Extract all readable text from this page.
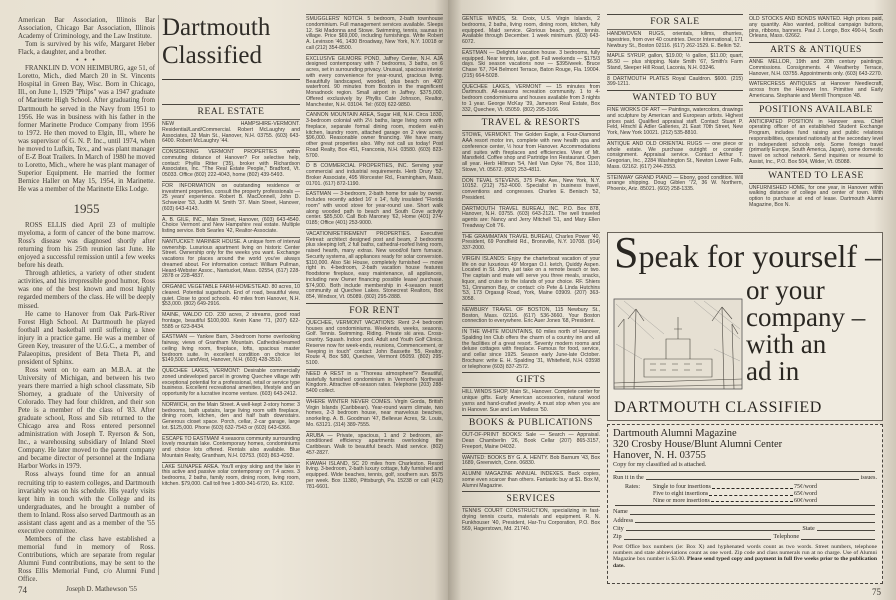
American Bar Association, Illinois Bar Association, Chicago Bar Association, Illinois Academy of Criminology, and the Law Institute.

Tom is survived by his wife, Margaret Heber Flack, a daughter, and a brother.

• • •

FRANKLIN D. VON HEIMBURG, age 51, of Loretto, Mich., died March 20 in St. Vincents Hospital in Green Bay, Wisc. Born in Chicago, Ill., on June 1, 1929 "Phips" was a 1947 graduate of Marinette High School. After graduating from Dartmouth he served in the Navy from 1951 to 1956. He was in business with his father in the former Marinette Produce Company from 1956 to 1972. He then moved to Elgin, Ill., where he was supervisor of G. N. P. Inc., until 1974, when he moved to Lufkin, Tex., and was plant manager of E-Z Boat Trailers. In March of 1980 he moved to Loretto, Mich., where he was plant manager of Superior Equipment. He married the former Bernice Haller on May 15, 1954, in Marinette. He was a member of the Marinette Elks Lodge.

1955

ROSS ELLIS died April 23 of multiple myeloma, a form of cancer of the bone marrow. Ross's disease was diagnosed shortly after returning from his 25th reunion last June. He enjoyed a successful remission until a few weeks before his death.

Through athletics, a variety of other student activities, and his irrepressible good humor, Ross was one of the best known and most highly regarded members of the class. He will be deeply missed.

He came to Hanover from Oak Park-River Forest High School. At Dartmouth he played football and basketball until suffering a knee injury in a practice game. He was a member of Green Key, treasurer of the U.G.C., a member of Palaeopitus, president of Beta Theta Pi, and president of Sphinx.

Ross went on to earn an M.B.A. at the University of Michigan, and between his two years there married a high school classmate, Sib Shorney, a graduate of the University of Colorado. They had four children, and their son Pete is a member of the class of '83. After graduate school, Ross and Sib returned to the Chicago area and Ross entered personnel administration with Joseph T. Ryerson & Son, Inc., a warehousing subsidiary of Inland Steel Company. He later moved to the parent company and became director of personnel at the Indiana Harbor Works in 1979.

Ross always found time for an annual recruiting trip to eastern colleges, and Dartmouth invariably was on his schedule. His yearly visits kept him in touch with the College and its undergraduates, and he brought a number of them to Inland. Ross also served Dartmouth as an assistant class agent and as a member of the '55 executive committee.

Members of the class have established a memorial fund in memory of Ross. Contributions, which are separate from regular Alumni Fund contributions, may be sent to the Ross Ellis Memorial Fund, c/o Alumni Fund Office.

Joseph D. Mathewson '55

Dartmouth
Classified
REAL ESTATE
NEW HAMPSHIRE-VERMONT. Residential/Land/Commercial. Robert McLaughry and Associates, 32 Main St., Hanover, N.H. 03755. (603) 643-6400. Robert McLaughry '44.
CONSIDERING VERMONT PROPERTIES within commuting distance of Hanover? For selective help, contact: Phyllis Ritter ('35), broker with Richardson Associates, Inc. "The Real Estate People," Bradford, Vt. 05033. Office (802) 222-4043, home (802) 439-5493.
FOR INFORMATION on outstanding residence or investment properties, consult the property professionals — 25 years' experience. Robert B. MacDonnell, John D. Schweizer '53, Judith M. Smith '37. Main Street, Hanover, (603) 643-4143.
A. B. GILE, INC., Main Street, Hanover, (603) 643-4540. Choice Vermont and New Hampshire real estate. Multiple listing service. Bob Searles '42, Realtor-Associate.
NANTUCKET: MARINER HOUSE. A unique form of interval ownership. Luxurious apartment living on historic Center Street. Ownership only for the weeks you want. Exchange vacations for places around the world you've always dreamed about. For information contact: William Pullman, Heard-Webster Assoc., Nantucket, Mass. 02554, (617) 228-2878 or 228-4837.
ORGANIC VEGETABLE FARM-HOMESTEAD. 80 acres, 10 cleared. Potential sugarbush. End of road, beautiful view, quiet. Close to good schools. 40 miles from Hanover, N.H. $53,000. (802) 649-2916.
MAINE, WALDO CO. 230 acres, 2 streams, good road frontage, beautiful $100,000. Kevin Kane '71, (207) 622-5585 or 623-8434.
EASTMAN — Yankee Barn, 3-bedroom home overlooking fairway, views of Grantham Mountain. Cathedral-beamed ceiling living room, fireplace, lofts, spacious master bedroom suite. In excellent condition on choice lot $149,500. LandVest, Hanover, N.H. (603) 428-3510.
QUECHEE LAKES, VERMONT: Desirable commercially zoned undeveloped parcel in growing Quechee village with exceptional potential for a professional, retail or service type business. Excellent recreational amenities, lifestyle and an opportunity for a lucrative income venture. (603) 643-2412.
NORWICH, on the Main Street. A well-kept 2-story home: 3 bedrooms, bath upstairs, large living room with fireplace, dining room, kitchen, den and half bath downstairs. Generous closet space. Porch, cellar, 2-car garage, large lot. $125,000. Phone (603) 632-7543 or (603) 643-6366.
ESCAPE TO EASTMAN! 4 seasons community surrounding lovely mountain lake. Contemporary homes, condominiums and choice lots offered. Rentals also available. Blue Mountain Realty, Grantham, N.H. 03753. (603) 863-4292.
LAKE SUNAPEE AREA. You'll enjoy skiing and the lake in this active and passive solar contemporary on 7.4 acres. 3 bedrooms, 2 baths, family room, dining room, living room, kitchen. $79,000. Call toll free 1-800-341-6720, Ex. K102.
SMUGGLERS' NOTCH. 5 bedroom, 2-bath townhouse condominium. Full management services available. Sleeps 12. Ski Madonna and Stowe. Swimming, tennis, saunas in village. Price $69,000, including furnishings. Write Robert A. Levinson '46, 1430 Broadway, New York, N.Y. 10018 or call (212) 354-8500.
EXCLUSIVE GILMORE POND, Jaffrey Center, N.H. AJA designed contemporary with 7 bedrooms, 3 baths, on 6 acres, set in surrounding privacy. Unusual, spacious interior with every convenience for year-round, gracious living. Beautifully landscaped, wooded, plus beach on 400' waterfront. 90 minutes from Boston in the magnificent Monadnock region. Small airport in Jaffrey. $375,000. Offered exclusively by Phyllis Cate Johnson, Realtor, Manchester, N.H. 03104. Tel: (603) 622-9850.
CANNON MOUNTAIN AREA, Sugar Hill, N.H. Circa 1830, 3-bedroom colonial with 2½ baths, large living room with fireplace, separate formal dining room, modern eat-in kitchen, laundry room, attached garage on 2 view acres. $96,000. Reasonable owner financing. We have many other great properties also. Why not call us today! Post Road Realty, Box 451, Franconia, N.H. 03580. (603) 823-5700.
D B COMMERCIAL PROPERTIES, INC. Serving your commercial and industrial requirements. Herb Drury '52, Broker Associate, 495 Worcester Rd., Framingham, Mass. 01701. (617) 872-1190.
EASTMAN — 3-bedroom, 2-bath home for sale by owner. Includes recently added 16' x 14', fully insulated "Florida room" with wood stove for year-round use. Short walk along wooded path to beach and South Cove activity center. $85,500. Call Bob Maroney '62, Home (401) 274-0185; Office (401) 253-9000.
VACATION/RETIREMENT PROPERTIES. Executive Retreat: architect designed post and beam, 2 bedrooms plus sleeping loft, 2 full baths, cathedral-roofed living room, raised hearth, many extras. New wood/oil farm furnace. Security systems, all appliances ready for solar conversion. $110,000. Also Ski House, completely furnished — move right in. 4-bedroom, 2-bath vacation house features floodstone fireplace, easy maintenance, all appliances, including new Owner financing possible lease/ purchase. $74,900. Both include membership in 4-season resort community at Quechee Lakes. Stonecrest Realtors, Box 854, Windsor, Vt. 05089. (802) 295-2888.
FOR RENT
QUECHEE, VERMONT VACATIONS: Rent 2-4 bedroom houses and condominiums. Weekends, weeks, seasons. Golf. Tennis. Swimming. Riding. Private ski area. Cross-country. Squash. Indoor pool. Adult and Youth Golf Clinics. Reserve now for week-ends, reunions, Commencement, or "keeping in touch" contact: John Bassette '55, Realtor, Route 4, Box 580, Quechee, Vermont 05059. (802) 295-5100.
NEED A REST in a "Thoreau atmosphere"? Beautiful, tastefully furnished condominium in Vermont's Northeast Kingdom. Attractive off-season rates. Telephone (203) 288-5400 collect.
WHERE WINTER NEVER COMES. Virgin Gorda, British Virgin Islands (Caribbean). Year-round warm climate, two homes, 2-3 bedroom house, near marvelous beaches, snorkeling. A. B. Goodman '47, Bellevue Acres, St. Louis, Mo. 63121. (314) 389-7555.
ARUBA — Private, spacious, 1 and 2 bedroom, air-conditioned efficiency apartments overlooking the Caribbean. Walk to beautiful beach. Maid service. (802) 457-2827.
KIAWAH ISLAND, SC 20 miles from Charleston. Resort living. 3-bedroom, 2-bath luxury cottage, fully furnished and equipped. Wide beaches, tennis, golf, southern sun. $575 per week. Box 11380, Pittsburgh, Pa. 15238 or call (412) 781-6601.
74
GENTLE WINDS, St. Croix, U.S. Virgin Islands, 2 bedrooms, 2 baths, living room, dining room, kitchen, fully equipped. Maid service. Glorious beach, pool, tennis. Available through December. 1 week minimum. (603) 643-6072.
EASTMAN — Delightful vacation house. 3 bedrooms, fully equipped. Near tennis, lake, golf. Fall weekends — $175/3 days. Ski season vacations now — $395/week. Bruce Chase '67, 704 Belmont Terrace, Baton Rouge, Fla. 19004. (215) 664-5028.
QUECHEE LAKES, VERMONT — 15 minutes from Dartmouth. All-seasons recreation community. 1 to 4-bedroom condominiums and houses available from 3 nights to 1 year. George McKay '39, Jameson Real Estate, Box 332, Quechee, Vt. 05059. (802) 295-3166.
TRAVEL & RESORTS
STOWE, VERMONT. The Golden Eagle, a Four-Diamond AAA resort motor inn, complete with new health spa and conference center, ½ hour from Hanover. Accommodations and suites with fireplaces and efficiencies. View of Mt. Mansfield. Coffee shop and Partridge Inn Restaurant. Open all year. Herb Hillman '54, Neil Van Dyke '76, Box 1110, Stowe, Vt. 05672. (802) 253-4811.
DON TEVAL STEVENS, 375 Park Ave., New York, N.Y. 10152. (212) 752-4000. Specialist in business travel, conventions and congresses. Charles E. Benisch '52, President.
DARTMOUTH TRAVEL BUREAU, INC. P.O. Box 878, Hanover, N.H. 03755. (603) 643-2121. The well traveled agents are: Nancy and Jerry Mitchell '51, and Mary Ellen Treadway Colt '76.
THE GRAMMATAN TRAVEL BUREAU, Charles Power '40, President, 69 Pondfield Rd., Bronxville, N.Y. 10708. (914) 337-2000.
VIRGIN ISLANDS: Enjoy the charterboat vacation of your life on our luxurious 49' Morgan O.I. ketch, Quiddy Aspen. Located in St. John, just take on a remote beach or two. The captain and mate will serve you three meals, snacks, liquor, and cruise to the islands of your choice. RF. Shiers '51, Cinnamon Bay, or contact: c/o Pete & Linda Hutchins '53, 173 Orgasuji Road, York, Maine 03909. (207) 363-3058.
NEWBURY TRAVEL OF BOSTON, 115 Newbury St., Boston, Mass. 02116. (617) 536-3660. Your Boston connection to everywhere. Eric Auer Jones '68, President.
IN THE WHITE MOUNTAINS, 60 miles north of Hanover, Spalding Inn Club offers the charm of a country inn and all the facilities of a great resort. Seventy modern rooms and deluxe cottages with fireplace. Famous for food, service, and cellar since 1925. Season early June-late October. Brochure: write E. H. Spalding '31, Whitefield, N.H. 03598 or telephone (603) 837-2572.
GIFTS
HILL WINDS SHOP, Main St., Hanover. Complete center for unique gifts. Early American accessories, natural wood yarns and hand-crafted jewelry. A must stop when you are in Hanover. Sue and Len Matless '50.
BOOKS & PUBLICATIONS
OUT-OF-PRINT BOOKS: Sale — Search — Appraisal. Dean Chamberlin '26, Book Cellar (207) 865-3157, Freeport, Maine 04032.
WANTED: BOOKS BY G. A. HENTY. Bob Barnum '43, Box 1689, Greenwich, Conn. 06830.
ALUMNI MAGAZINE ANNUAL INDEXES. Back copies, some even scarcer than others. Fantastic buy at $1. Box M, Alumni Magazine.
SERVICES
TENNIS COURT CONSTRUCTION, specializing in fast-drying tennis courts, materials and equipment. R. N. Funkhouser '40, President, Har-Tru Corporation, P.O. Box 569, Hagerstown, Md. 21740.
FOR SALE
HANDWOVEN RUGS, orientals, kilims, dhurries, tapestries, from over 40 countries. Decor International, 171 Newbury St., Boston 02116. (617) 262-1529. E. Belkin '52.
MAPLE SYRUP, gallon, $19.00; ½ gallon, $11.00; quart, $6.50 — plus shipping. Nate Smith '67, Smith's Farm Stand, Sleeper Hill Road, Laconia, N.H. 03246.
8 DARTMOUTH PLATES Royal Cauldron. $600. (215) 399-1211.
WANTED TO BUY
FINE WORKS OF ART — Paintings, watercolors, drawings and sculpture by American and European artists. Highest prices paid. Qualified appraisal staff. Contact Stuart P. Feld, Hirschl & Adler Galleries, 21 East 70th Street, New York, New York 10021. (212) 535-8810.
ANTIQUE AND OLD ORIENTAL RUGS — one piece or whole estate. We purchase outright or consider consignment. Appraisal service. Contact Arthur T. Gregorian, Inc., 2284 Washington St., Newton Lower Falls, Mass. 02162. (617) 244-2553.
STEINWAY GRAND PIANO — Ebony, good condition. Will arrange shipping. Doug Giblen '72, 36 W. Northern, Phoenix, Ariz. 85021. (602) 258-1335.
OLD STOCKS AND BONDS WANTED. High prices paid, any quantity. Also wanted, political campaign buttons, pins, ribbons, banners. Paul J. Longo, Box 490-H, South Orleans, Mass. 02662.
ARTS & ANTIQUES
ANNE MELLOR, 19th and 20th century paintings. Commissions. Consignments. 4 Weatherby Terrace, Hanover, N.H. 03755. Appointments only. (603) 643-2270.
WATERCRESS ANTIQUES at Hanover Needlecraft, across from the Hanover Inn. Primitive and Early Americana. Stephanie and Merrill Thompson '48.
POSITIONS AVAILABLE
ANTICIPATED POSITION in Hanover area. Chief operating officer of an established Student Exchange Program, includes fund raising and public relations responsibilities, operated nationally at the secondary level in independent schools only. Some foreign travel (primarily Europe, South America, Japan), some domestic travel on school network. Send inquiries or resumé to Assist, Inc., P.O. Box 504, Wilder, Vt. 05088.
WANTED TO LEASE
UNFURNISHED HOME, for one year, in Hanover within walking distance of college and center of town. With option to purchase at end of lease. Dartmouth Alumni Magazine, Box N.
Speak for yourself –
or your
company –
with an
ad in
DARTMOUTH CLASSIFIED
Dartmouth Alumni Magazine
320 Crosby House/Blunt Alumni Center
Hanover, N. H. 03755
Copy for my classified ad is attached.
Run it in the	issues.
Rates:	Single to four insertions	75¢/word
Five to eight insertions	65¢/word
Nine or more insertions	60¢/word
Name
Address
City	State
Zip	Telephone
Post Office box numbers (ie: Box X) and hyphenated words count as two words. Street numbers, telephone numbers and state abbreviations count as one word. Zip code and class numerals run at no charge. Use of Alumni Magazine box number is $3.00. Please send typed copy and payment in full five weeks prior to the publication date.
75
